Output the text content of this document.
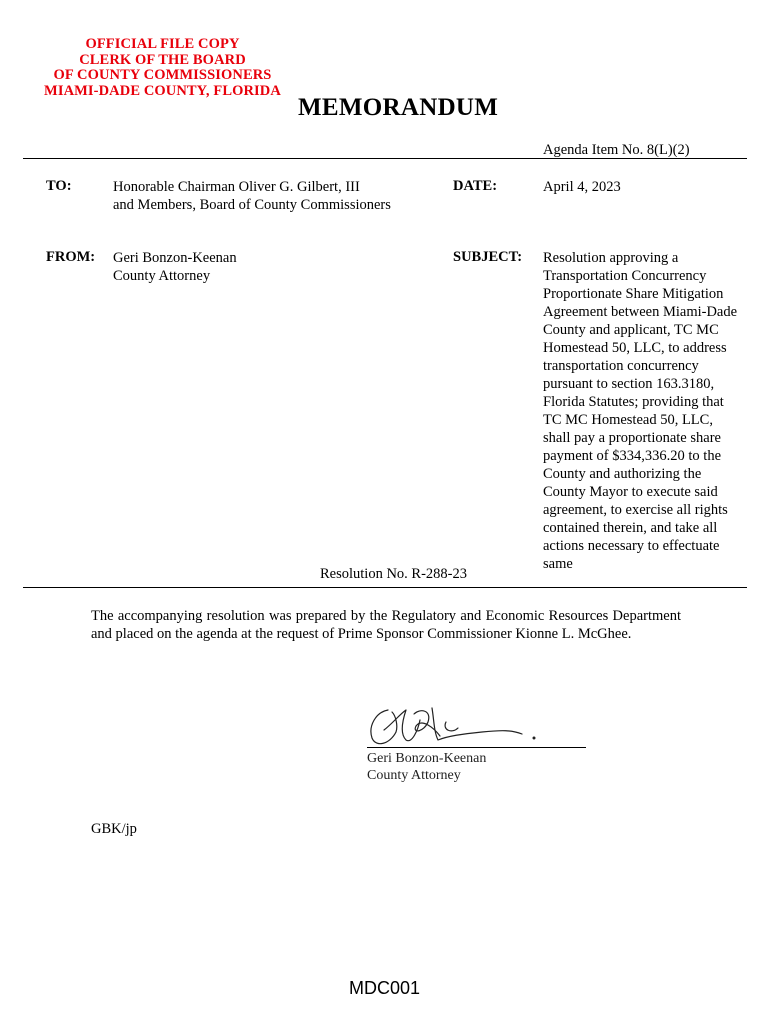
OFFICIAL FILE COPY
CLERK OF THE BOARD
OF COUNTY COMMISSIONERS
MIAMI-DADE COUNTY, FLORIDA
MEMORANDUM
Agenda Item No. 8(L)(2)
TO:	Honorable Chairman Oliver G. Gilbert, III
and Members, Board of County Commissioners
DATE:	April 4, 2023
FROM: Geri Bonzon-Keenan
County Attorney
SUBJECT: Resolution approving a
Transportation Concurrency
Proportionate Share Mitigation
Agreement between Miami-Dade
County and applicant, TC MC
Homestead 50, LLC, to address
transportation concurrency
pursuant to section 163.3180,
Florida Statutes; providing that
TC MC Homestead 50, LLC,
shall pay a proportionate share
payment of $334,336.20 to the
County and authorizing the
County Mayor to execute said
agreement, to exercise all rights
contained therein, and take all
actions necessary to effectuate
same
Resolution No. R-288-23
The accompanying resolution was prepared by the Regulatory and Economic Resources Department and placed on the agenda at the request of Prime Sponsor Commissioner Kionne L. McGhee.
Geri Bonzon-Keenan
County Attorney
GBK/jp
MDC001
